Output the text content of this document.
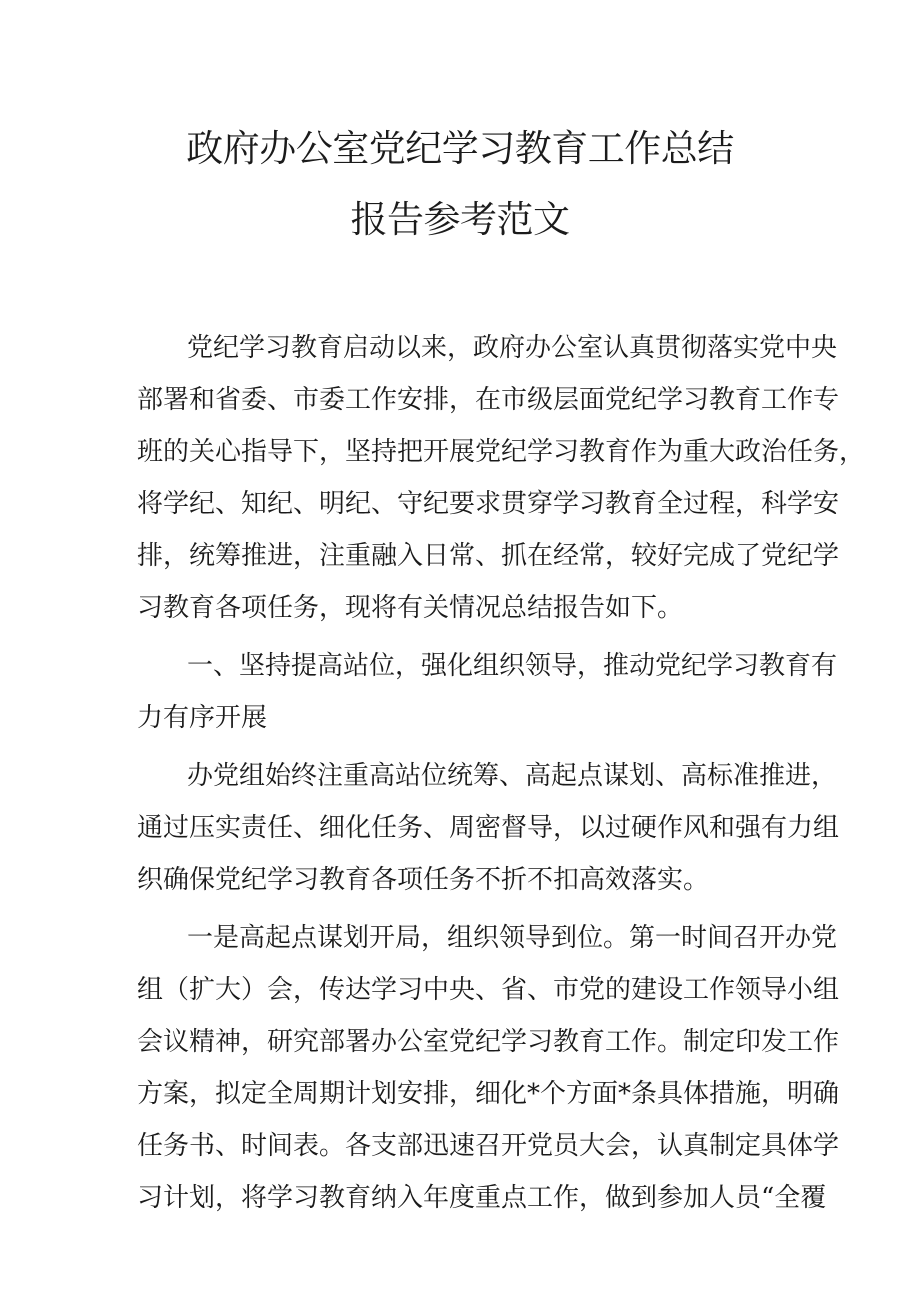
政府办公室党纪学习教育工作总结
报告参考范文
党纪学习教育启动以来，政府办公室认真贯彻落实党中央
部署和省委、市委工作安排，在市级层面党纪学习教育工作专
班的关心指导下，坚持把开展党纪学习教育作为重大政治任务，
将学纪、知纪、明纪、守纪要求贯穿学习教育全过程，科学安
排，统筹推进，注重融入日常、抓在经常，较好完成了党纪学
习教育各项任务，现将有关情况总结报告如下。
一、坚持提高站位，强化组织领导，推动党纪学习教育有
力有序开展
办党组始终注重高站位统筹、高起点谋划、高标准推进，
通过压实责任、细化任务、周密督导，以过硬作风和强有力组
织确保党纪学习教育各项任务不折不扣高效落实。
一是高起点谋划开局，组织领导到位。第一时间召开办党
组（扩大）会，传达学习中央、省、市党的建设工作领导小组
会议精神，研究部署办公室党纪学习教育工作。制定印发工作
方案，拟定全周期计划安排，细化*个方面*条具体措施，明确
任务书、时间表。各支部迅速召开党员大会，认真制定具体学
习计划，将学习教育纳入年度重点工作，做到参加人员“全覆
